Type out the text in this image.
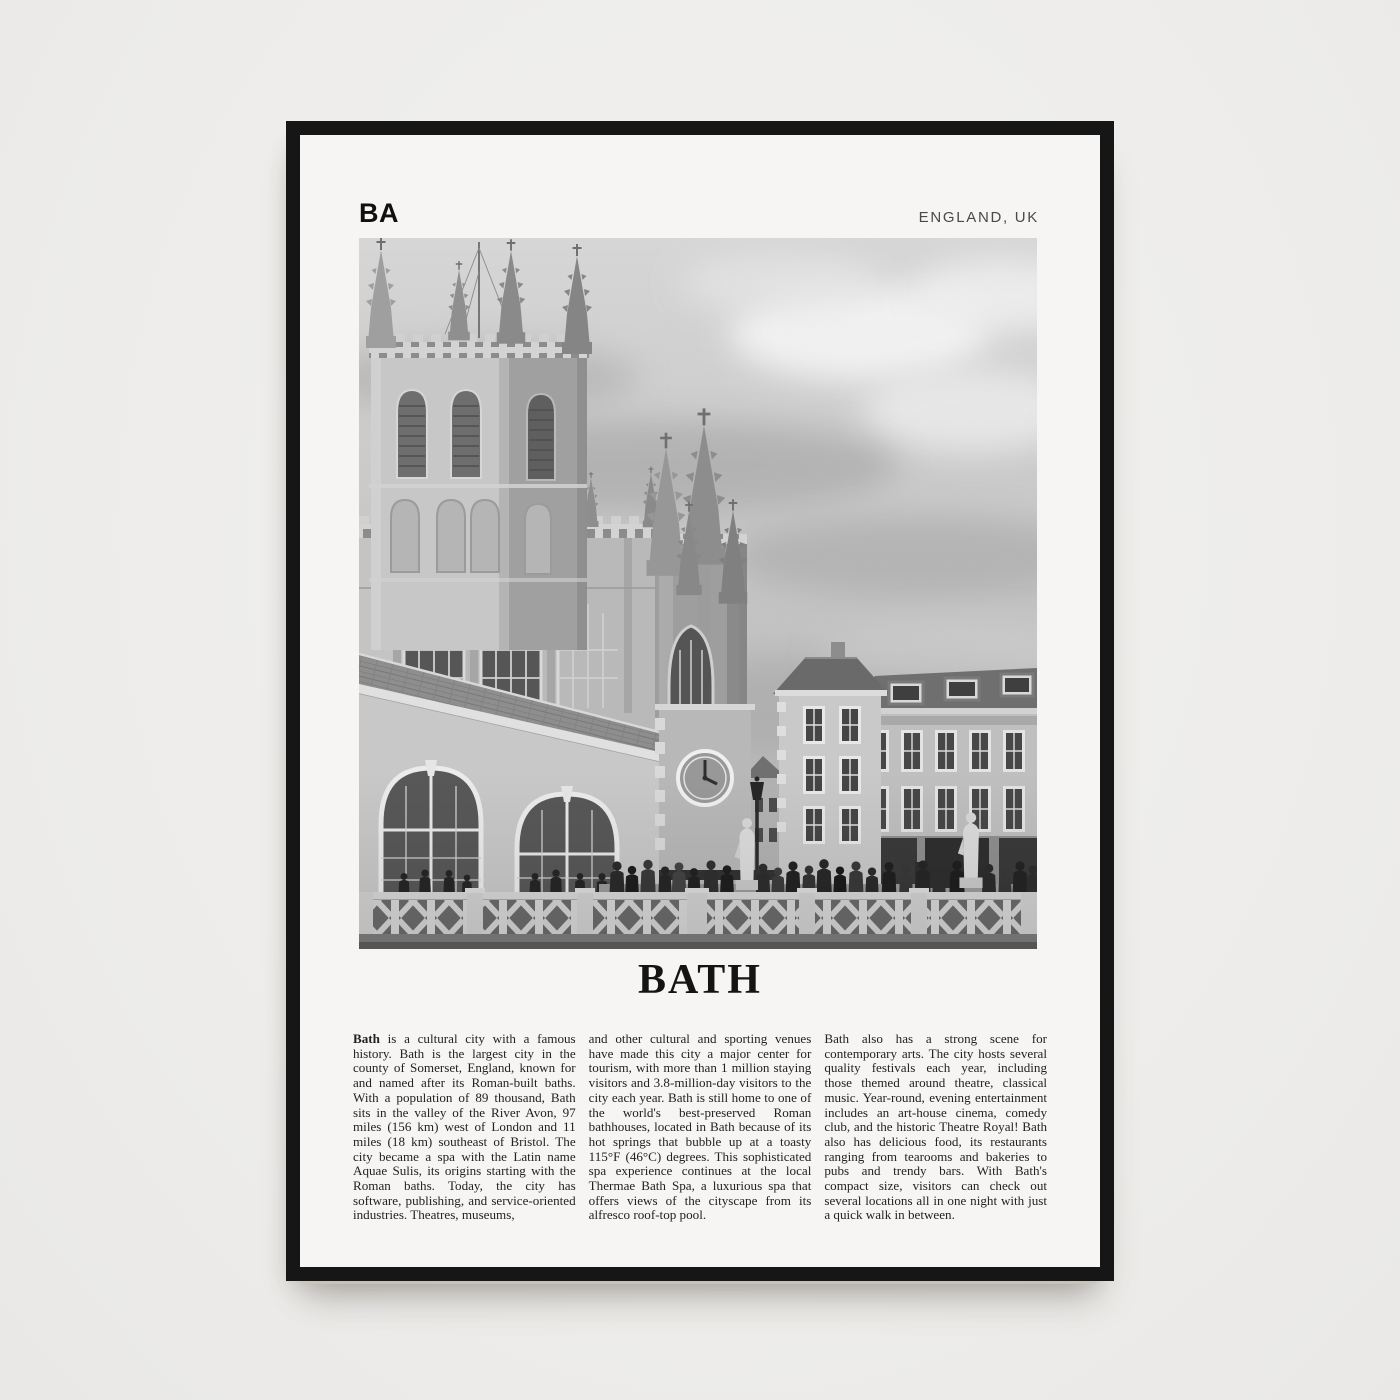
BA	ENGLAND, UK
BATH
Bath is a cultural city with a famous history. Bath is the largest city in the county of Somerset, England, known for and named after its Roman-built baths. With a population of 89 thousand, Bath sits in the valley of the River Avon, 97 miles (156 km) west of London and 11 miles (18 km) southeast of Bristol. The city became a spa with the Latin name Aquae Sulis, its origins starting with the Roman baths. Today, the city has software, publishing, and service-oriented industries. Theatres, museums,
and other cultural and sporting venues have made this city a major center for tourism, with more than 1 million staying visitors and 3.8-million-day visitors to the city each year. Bath is still home to one of the world's best-preserved Roman bathhouses, located in Bath because of its hot springs that bubble up at a toasty 115°F (46°C) degrees. This sophisticated spa experience continues at the local Thermae Bath Spa, a luxurious spa that offers views of the cityscape from its alfresco roof-top pool.
Bath also has a strong scene for contemporary arts. The city hosts several quality festivals each year, including those themed around theatre, classical music. Year-round, evening entertainment includes an art-house cinema, comedy club, and the historic Theatre Royal! Bath also has delicious food, its restaurants ranging from tearooms and bakeries to pubs and trendy bars. With Bath's compact size, visitors can check out several locations all in one night with just a quick walk in between.
